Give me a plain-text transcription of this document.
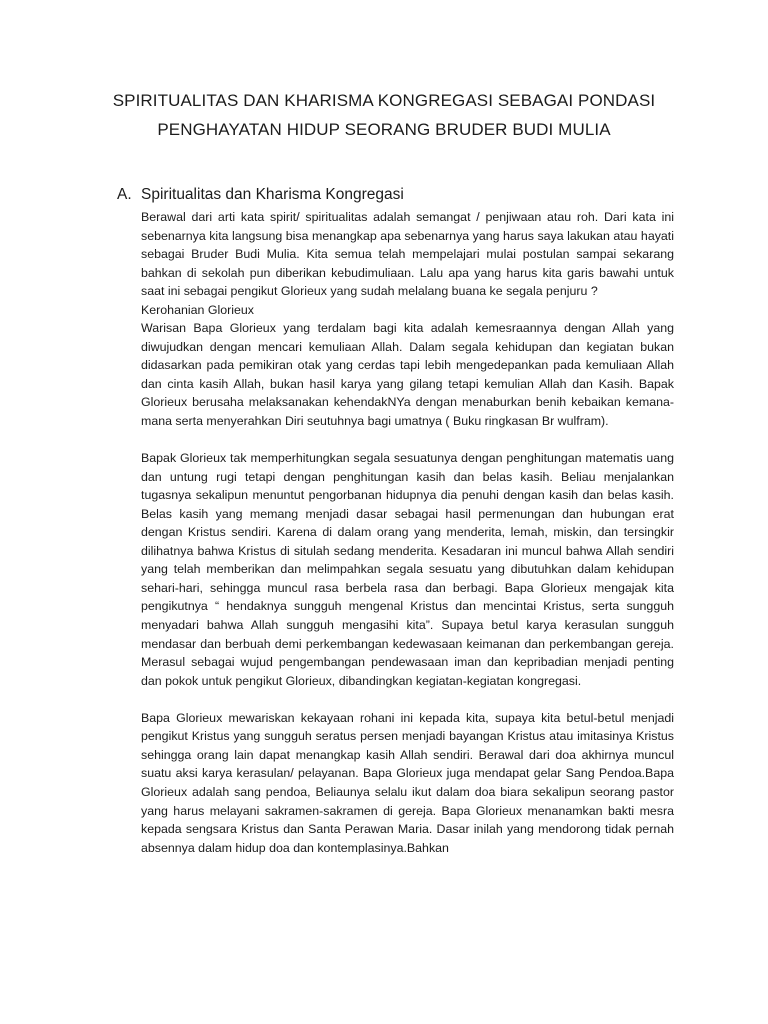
SPIRITUALITAS DAN KHARISMA KONGREGASI SEBAGAI PONDASI
PENGHAYATAN HIDUP SEORANG BRUDER BUDI MULIA
A. Spiritualitas dan Kharisma Kongregasi

Berawal dari arti kata spirit/ spiritualitas adalah semangat / penjiwaan atau roh. Dari kata ini sebenarnya kita langsung bisa menangkap apa sebenarnya yang harus saya lakukan atau hayati sebagai Bruder Budi Mulia. Kita semua telah mempelajari mulai postulan sampai sekarang bahkan di sekolah pun diberikan kebudimuliaan. Lalu apa yang harus kita garis bawahi untuk saat ini sebagai pengikut Glorieux yang sudah melalang buana ke segala penjuru ?

Kerohanian Glorieux

Warisan Bapa Glorieux yang terdalam bagi kita adalah kemesraannya dengan Allah yang diwujudkan dengan mencari kemuliaan Allah. Dalam segala kehidupan dan kegiatan bukan didasarkan pada pemikiran otak yang cerdas tapi lebih mengedepankan pada kemuliaan Allah dan cinta kasih Allah, bukan hasil karya yang gilang tetapi kemulian Allah dan Kasih. Bapak Glorieux berusaha melaksanakan kehendakNYa dengan menaburkan benih kebaikan kemana-mana serta menyerahkan Diri seutuhnya bagi umatnya ( Buku ringkasan Br wulfram).

Bapak Glorieux tak memperhitungkan segala sesuatunya dengan penghitungan matematis uang dan untung rugi tetapi dengan penghitungan kasih dan belas kasih. Beliau menjalankan tugasnya sekalipun menuntut pengorbanan hidupnya dia penuhi dengan kasih dan belas kasih. Belas kasih yang memang menjadi dasar sebagai hasil permenungan dan hubungan erat dengan Kristus sendiri. Karena di dalam orang yang menderita, lemah, miskin, dan tersingkir dilihatnya bahwa Kristus di situlah sedang menderita. Kesadaran ini muncul bahwa Allah sendiri yang telah memberikan dan melimpahkan segala sesuatu yang dibutuhkan dalam kehidupan sehari-hari, sehingga muncul rasa berbela rasa dan berbagi. Bapa Glorieux mengajak kita pengikutnya “ hendaknya sungguh mengenal Kristus dan mencintai Kristus, serta sungguh menyadari bahwa Allah sungguh mengasihi kita”. Supaya betul karya kerasulan sungguh mendasar dan berbuah demi perkembangan kedewasaan keimanan dan perkembangan gereja. Merasul sebagai wujud pengembangan pendewasaan iman dan kepribadian menjadi penting dan pokok untuk pengikut Glorieux, dibandingkan kegiatan-kegiatan kongregasi.

Bapa Glorieux mewariskan kekayaan rohani ini kepada kita, supaya kita betul-betul menjadi pengikut Kristus yang sungguh seratus persen menjadi bayangan Kristus atau imitasinya Kristus sehingga orang lain dapat menangkap kasih Allah sendiri. Berawal dari doa akhirnya muncul suatu aksi karya kerasulan/ pelayanan. Bapa Glorieux juga mendapat gelar Sang Pendoa.Bapa Glorieux adalah sang pendoa, Beliaunya selalu ikut dalam doa biara sekalipun seorang pastor yang harus melayani sakramen-sakramen di gereja. Bapa Glorieux menanamkan bakti mesra kepada sengsara Kristus dan Santa Perawan Maria. Dasar inilah yang mendorong tidak pernah absennya dalam hidup doa dan kontemplasinya.Bahkan
